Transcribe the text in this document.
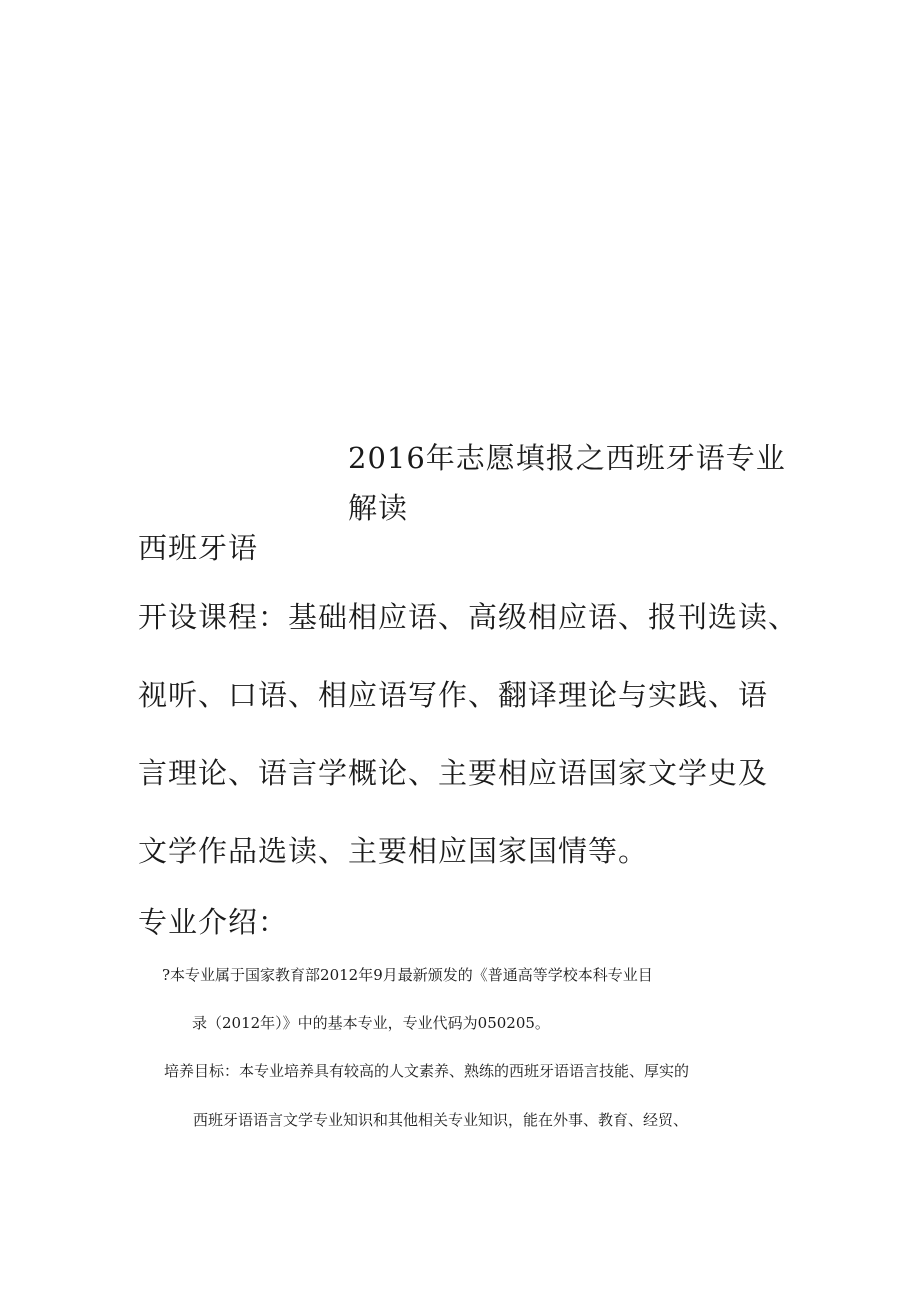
2016年志愿填报之西班牙语专业
解读
西班牙语
开设课程：基础相应语、高级相应语、报刊选读、
视听、口语、相应语写作、翻译理论与实践、语
言理论、语言学概论、主要相应语国家文学史及
文学作品选读、主要相应国家国情等。
专业介绍：
?本专业属于国家教育部2012年9月最新颁发的《普通高等学校本科专业目
录（2012年）》中的基本专业，专业代码为050205。
培养目标：本专业培养具有较高的人文素养、熟练的西班牙语语言技能、厚实的
西班牙语语言文学专业知识和其他相关专业知识，能在外事、教育、经贸、
